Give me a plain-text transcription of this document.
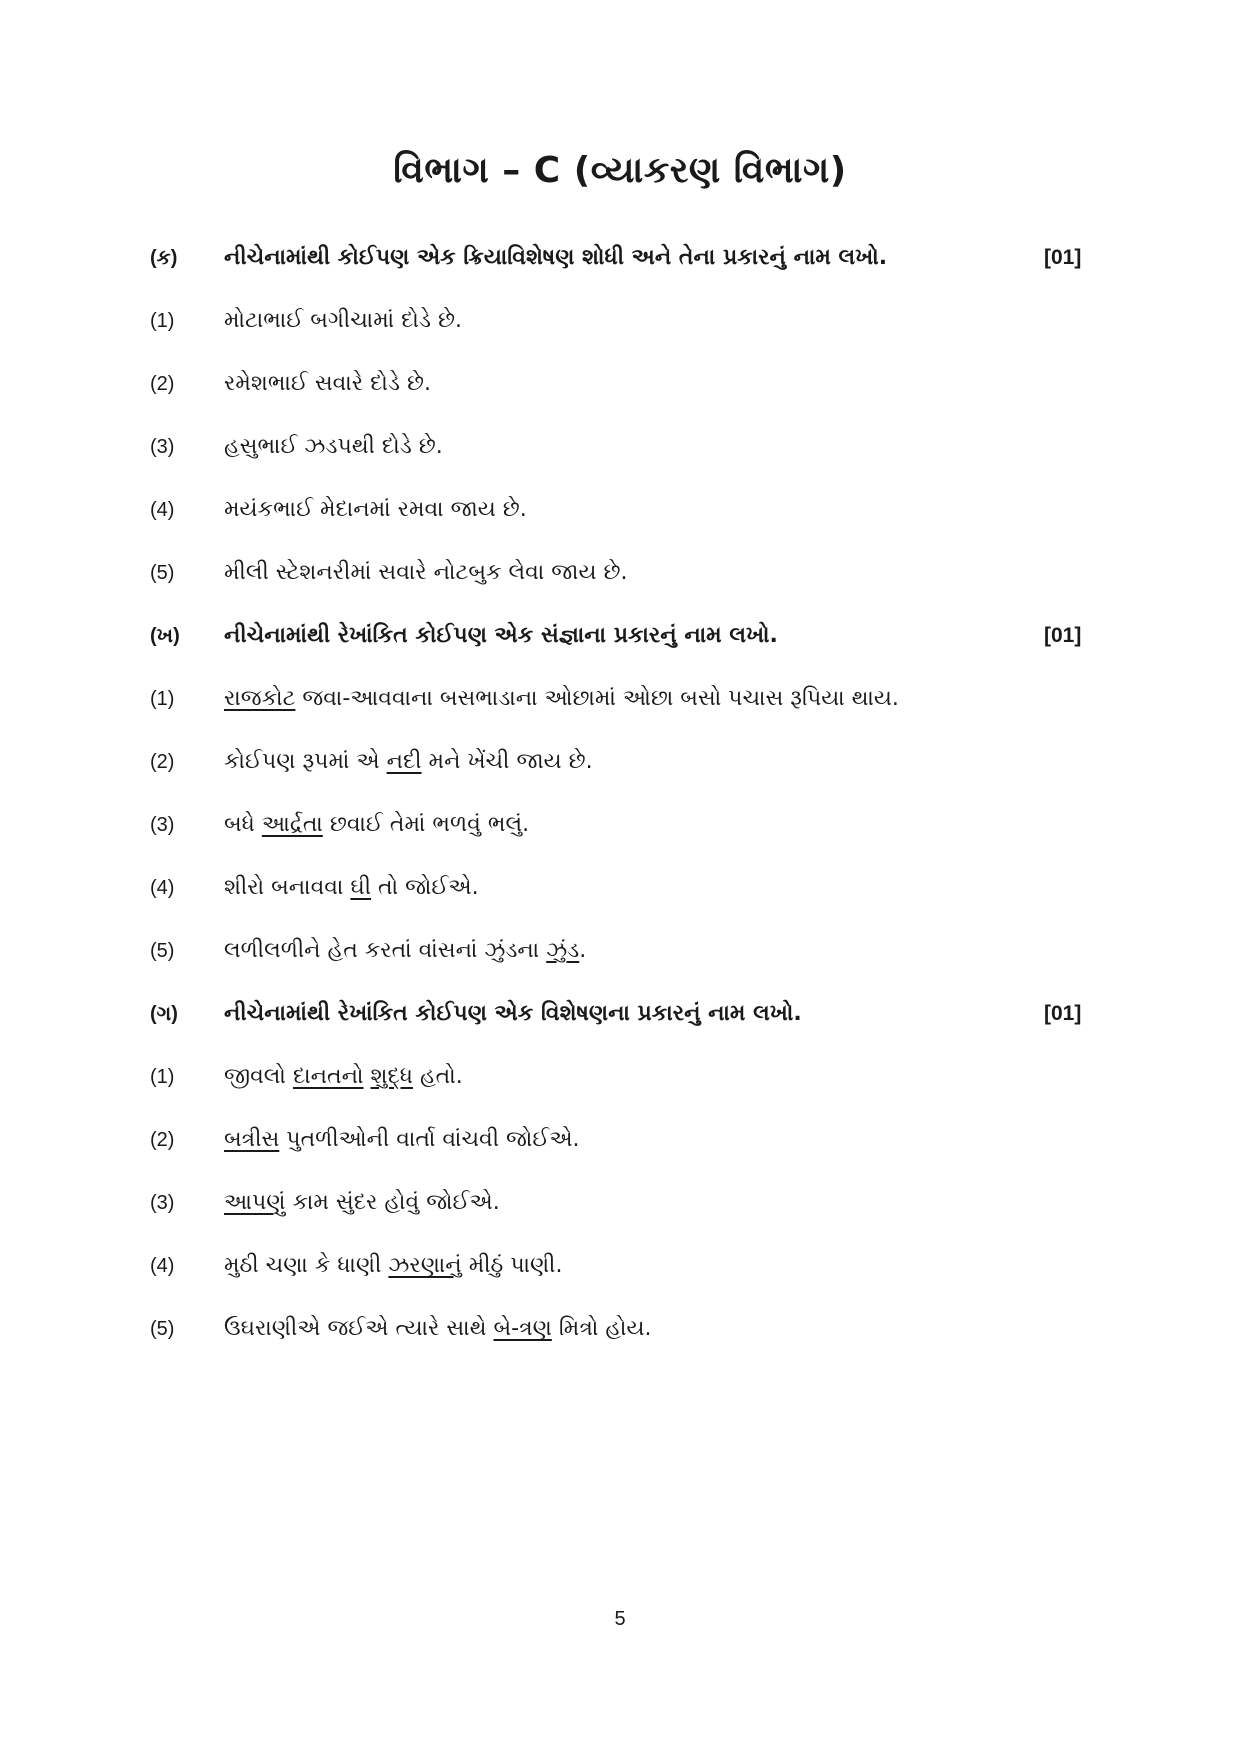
વિભાગ – C (વ્યાકરણ વિભાગ)
(ક) નીચેનામાંથી કોઈપણ એક ક્રિયાવિશેષણ શોધી અને તેના પ્રકારનું નામ લખો.	[01]
(1) મોટાભાઈ બગીચામાં દોડે છે.
(2) રમેશભાઈ સવારે દોડે છે.
(3) હસુભાઈ ઝડપથી દોડે છે.
(4) મયંકભાઈ મેદાનમાં રમવા જાય છે.
(5) મીલી સ્ટેશનરીમાં સવારે નોટબુક લેવા જાય છે.
(ખ) નીચેનામાંથી રેખાંકિત કોઈપણ એક સંજ્ઞાના પ્રકારનું નામ લખો.	[01]
(1) રાજકોટ જવા-આવવાના બસભાડાના ઓછામાં ઓછા બસો પચાસ રૂપિયા થાય.
(2) કોઈપણ રૂપમાં એ નદી મને ખેંચી જાય છે.
(3) બધે આર્દ્રતા છવાઈ તેમાં ભળવું ભલું.
(4) શીરો બનાવવા ઘી તો જોઈએ.
(5) લળીલળીને હેત કરતાં વાંસનાં ઝુંડના ઝુંડ.
(ગ) નીચેનામાંથી રેખાંકિત કોઈપણ એક વિશેષણના પ્રકારનું નામ લખો.	[01]
(1) જીવલો દાનતનો શુદ્ધ હતો.
(2) બત્રીસ પુતળીઓની વાર્તા વાંચવી જોઈએ.
(3) આપણું કામ સુંદર હોવું જોઈએ.
(4) મુઠી ચણા કે ધાણી ઝરણાનું મીઠું પાણી.
(5) ઉઘરાણીએ જઈએ ત્યારે સાથે બે-ત્રણ મિત્રો હોય.
5
